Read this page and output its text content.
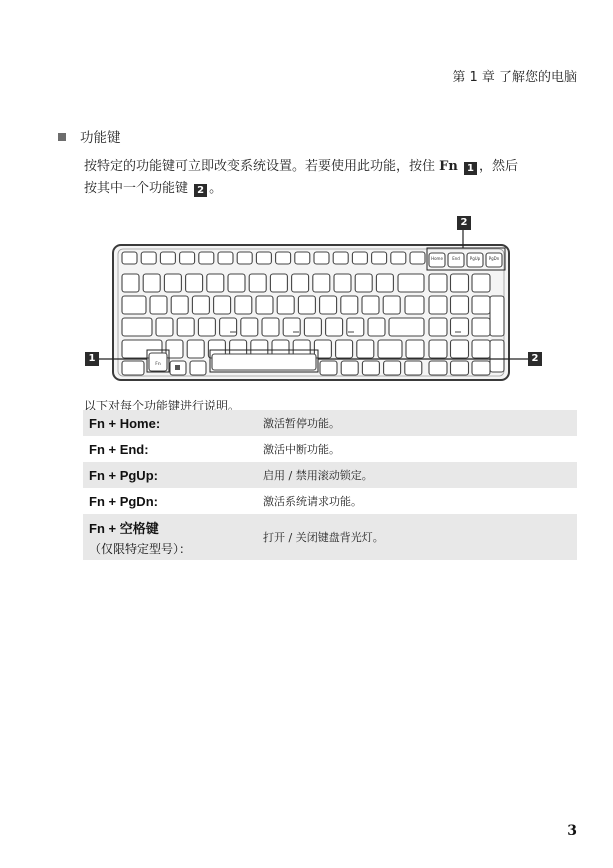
第 1 章 了解您的电脑
功能键
按特定的功能键可立即改变系统设置。若要使用此功能，按住 Fn 1 ，然后
按其中一个功能键 2 。
Home End PgUp PgDn
Fn
2
1	2
以下对每个功能键进行说明。
Fn + Home:	激活暂停功能。
Fn + End:	激活中断功能。
Fn + PgUp:	启用 / 禁用滚动锁定。
Fn + PgDn:	激活系统请求功能。
Fn + 空格键
（仅限特定型号）：	打开 / 关闭键盘背光灯。
3
